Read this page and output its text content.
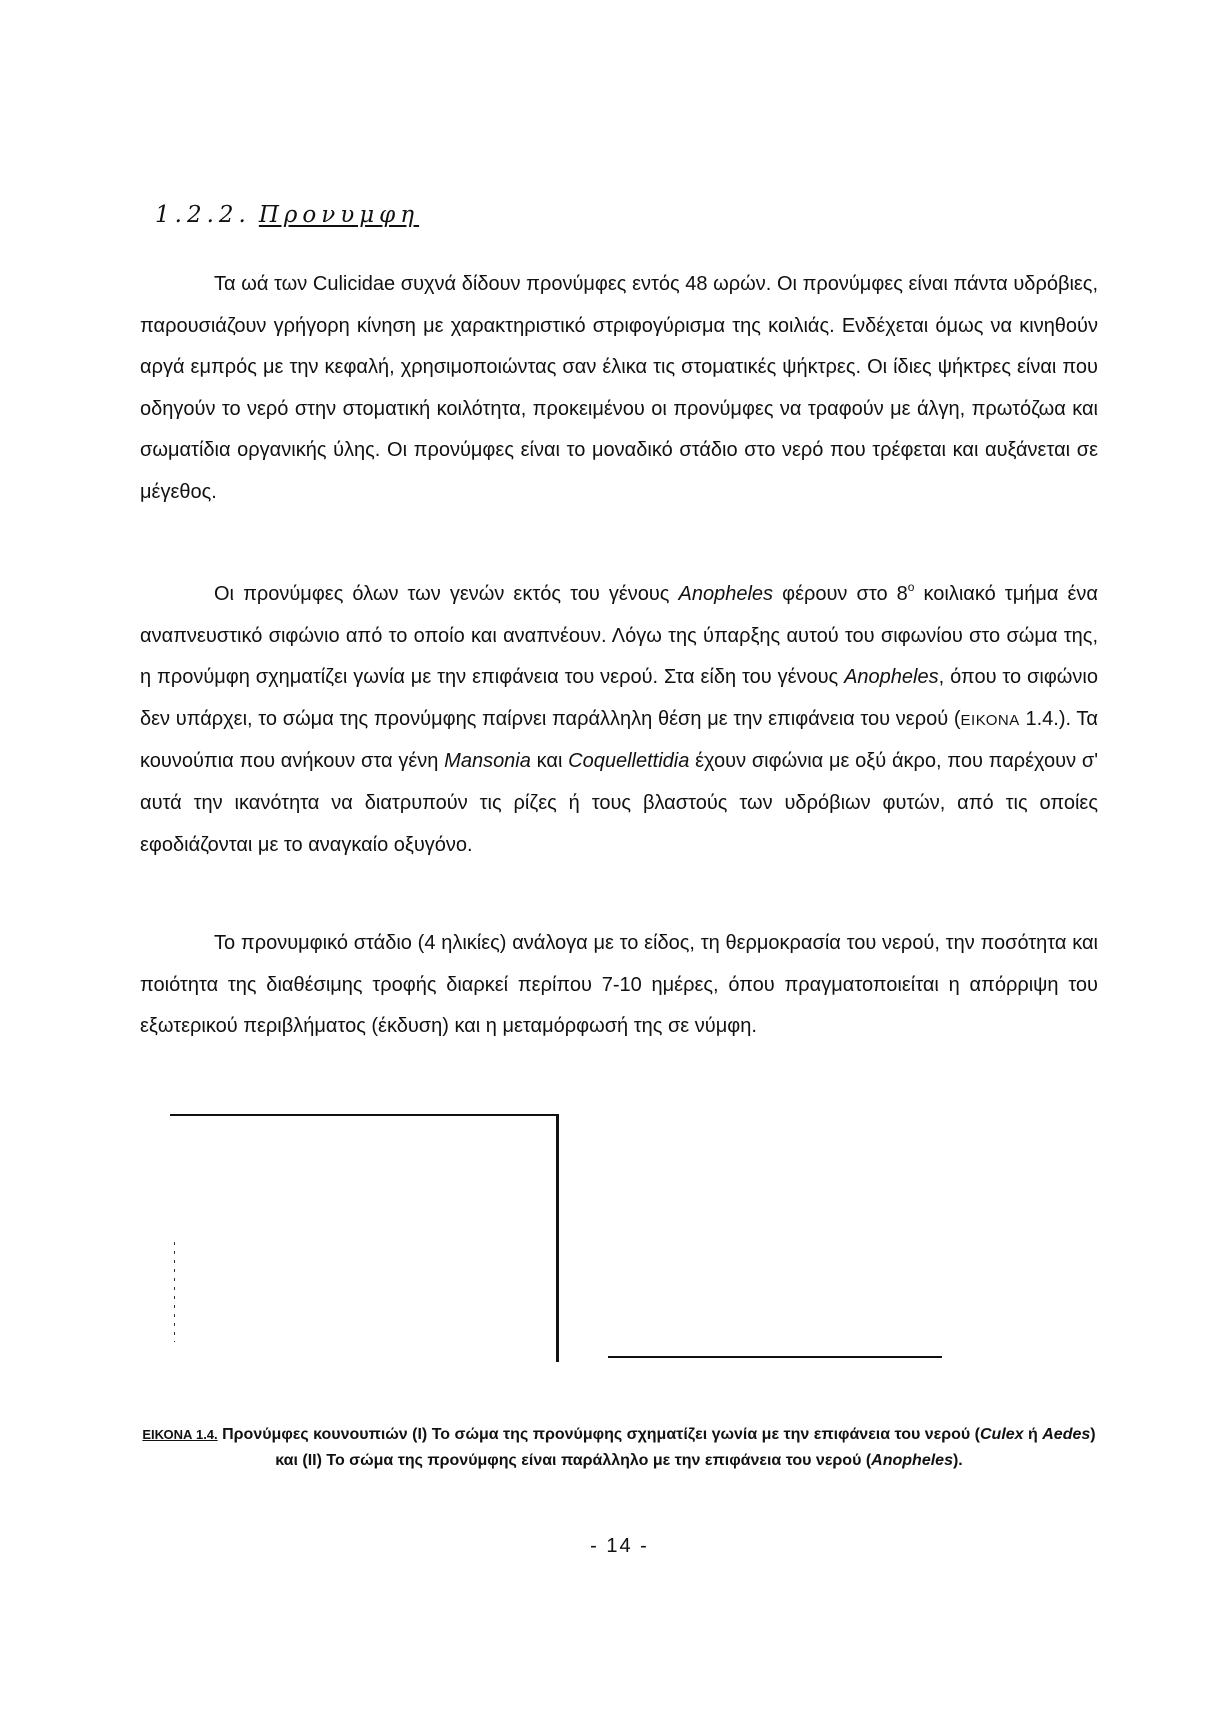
1.2.2. Προνυμφη

Τα ωά των Culicidae συχνά δίδουν προνύμφες εντός 48 ωρών. Οι προνύμφες είναι πάντα υδρόβιες, παρουσιάζουν γρήγορη κίνηση με χαρακτηριστικό στριφογύρισμα της κοιλιάς. Ενδέχεται όμως να κινηθούν αργά εμπρός με την κεφαλή, χρησιμοποιώντας σαν έλικα τις στοματικές ψήκτρες. Οι ίδιες ψήκτρες είναι που οδηγούν το νερό στην στοματική κοιλότητα, προκειμένου οι προνύμφες να τραφούν με άλγη, πρωτόζωα και σωματίδια οργανικής ύλης. Οι προνύμφες είναι το μοναδικό στάδιο στο νερό που τρέφεται και αυξάνεται σε μέγεθος.

Οι προνύμφες όλων των γενών εκτός του γένους Anopheles φέρουν στο $8^o$ κοιλιακό τμήμα ένα αναπνευστικό σιφώνιο από το οποίο και αναπνέουν. Λόγω της ύπαρξης αυτού του σιφωνίου στο σώμα της, η προνύμφη σχηματίζει γωνία με την επιφάνεια του νερού. Στα είδη του γένους Anopheles, όπου το σιφώνιο δεν υπάρχει, το σώμα της προνύμφης παίρνει παράλληλη θέση με την επιφάνεια του νερού (ΕΙΚΟΝΑ 1.4.). Τα κουνούπια που ανήκουν στα γένη Mansonia και Coquellettidia έχουν σιφώνια με οξύ άκρο, που παρέχουν σ' αυτά την ικανότητα να διατρυπούν τις ρίζες ή τους βλαστούς των υδρόβιων φυτών, από τις οποίες εφοδιάζονται με το αναγκαίο οξυγόνο.

Το προνυμφικό στάδιο (4 ηλικίες) ανάλογα με το είδος, τη θερμοκρασία του νερού, την ποσότητα και ποιότητα της διαθέσιμης τροφής διαρκεί περίπου 7-10 ημέρες, όπου πραγματοποιείται η απόρριψη του εξωτερικού περιβλήματος (έκδυση) και η μεταμόρφωσή της σε νύμφη.

ΕΙΚΟΝΑ 1.4. Προνύμφες κουνουπιών (I) Το σώμα της προνύμφης σχηματίζει γωνία με την επιφάνεια του νερού (Culex ή Aedes) και (II) Το σώμα της προνύμφης είναι παράλληλο με την επιφάνεια του νερού (Anopheles).

- 14 -
